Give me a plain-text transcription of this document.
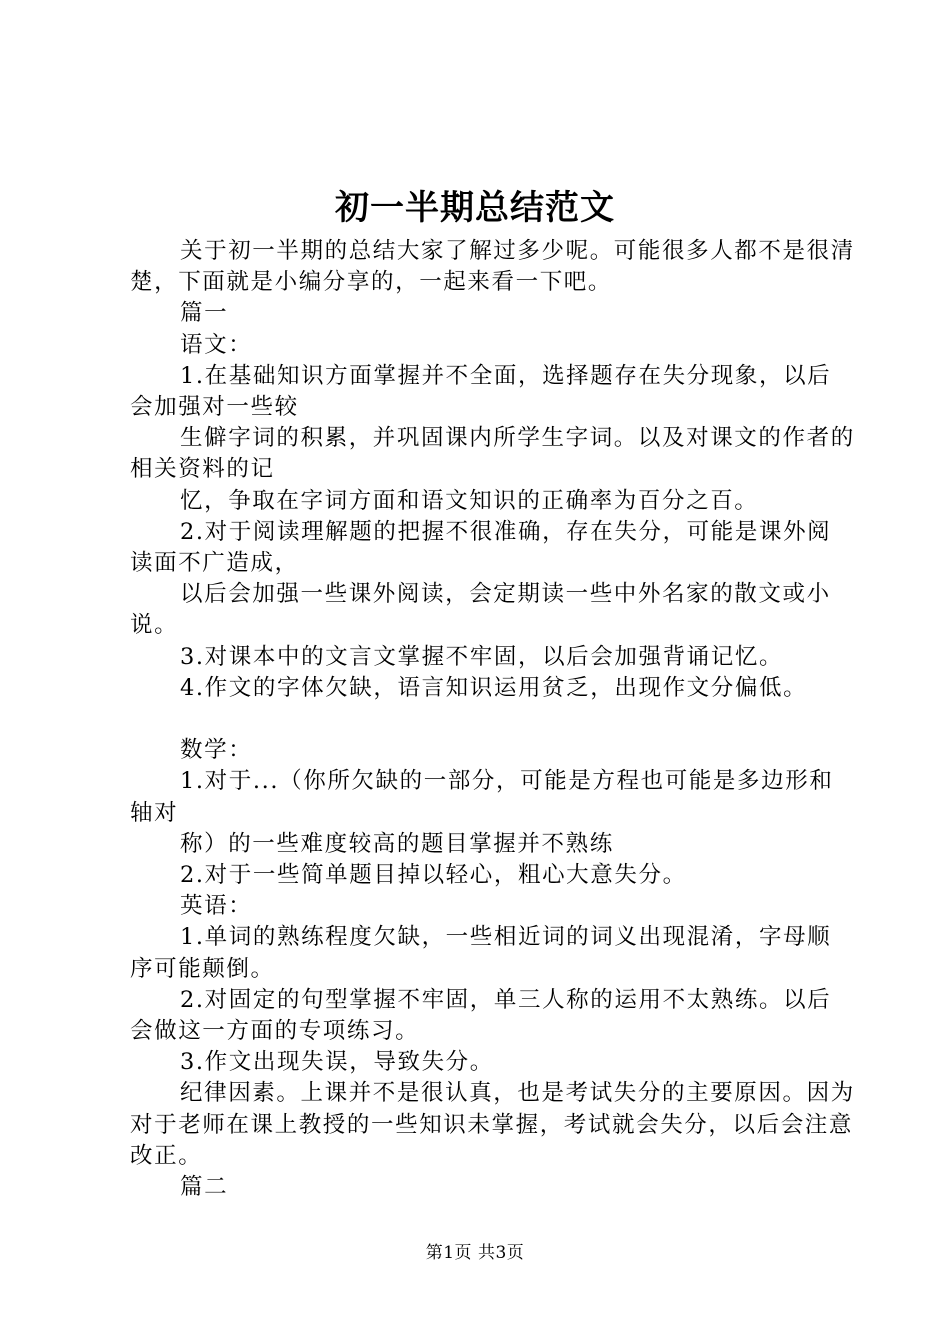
初一半期总结范文

关于初一半期的总结大家了解过多少呢。可能很多人都不是很清楚，下面就是小编分享的，一起来看一下吧。

篇一

语文：

1.在基础知识方面掌握并不全面，选择题存在失分现象，以后会加强对一些较

生僻字词的积累，并巩固课内所学生字词。以及对课文的作者的相关资料的记

忆，争取在字词方面和语文知识的正确率为百分之百。

2.对于阅读理解题的把握不很准确，存在失分，可能是课外阅读面不广造成，

以后会加强一些课外阅读，会定期读一些中外名家的散文或小说。

3.对课本中的文言文掌握不牢固，以后会加强背诵记忆。

4.作文的字体欠缺，语言知识运用贫乏，出现作文分偏低。

数学：

1.对于...（你所欠缺的一部分，可能是方程也可能是多边形和轴对

称）的一些难度较高的题目掌握并不熟练

2.对于一些简单题目掉以轻心，粗心大意失分。

英语：

1.单词的熟练程度欠缺，一些相近词的词义出现混淆，字母顺序可能颠倒。

2.对固定的句型掌握不牢固，单三人称的运用不太熟练。以后会做这一方面的专项练习。

3.作文出现失误，导致失分。

纪律因素。上课并不是很认真，也是考试失分的主要原因。因为对于老师在课上教授的一些知识未掌握，考试就会失分，以后会注意改正。

篇二

第1页 共3页
